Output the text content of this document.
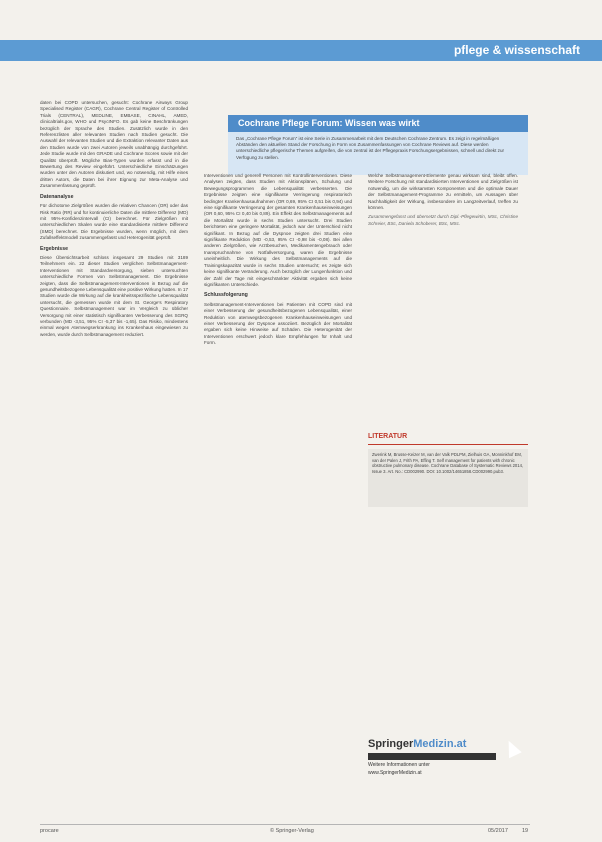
pflege & wissenschaft
Cochrane Pflege Forum: Wissen was wirkt
Das „Cochrane Pflege Forum“ ist eine Serie in Zusammenarbeit mit dem Deutschen Cochrane Zentrum. Es zeigt in regelmäßigen Abständen den aktuellen Stand der Forschung in Form von Zusammenfassungen von Cochrane Reviews auf. Diese werden unterschiedliche pflegerische Themen aufgreifen, die von zentral ist der Pflegepraxis Forschungsergebnissen, schnell und direkt zur Verfügung zu stellen.

daten bei COPD untersuchen, gesucht: Cochrane Airways Group Specialised Register (CAGR), Cochrane Central Register of Controlled Trials (CENTRAL), MEDLINE, EMBASE, CINAHL, AMED, clinicaltrials.gov, WHO und PsycINFO. Es gab keine Beschränkungen bezüglich der Sprache des Studien. Zusätzlich wurde in den Referenzlisten aller relevanten Studien nach Studien gesucht. Die Auswahl der relevanten Studien und die Extraktion relevanter Daten aus den Studien wurde von zwei Autoren jeweils unabhängig durchgeführt. Jede Studie wurde mit den GRADE und Cochrane Scores sowie mit der Qualität überprüft. Mögliche Bias-Typen wurden erfasst und in die Bewertung des Review eingeführt. Unterschiedliche Einschätzungen wurden unter den Autoren diskutiert und, wo notwendig, mit Hilfe eines dritten Autors, die Daten bei ihrer Eignung zur Meta-Analyse und Zusammenfassung geprüft.

Datenanalyse

Für dichotome Zielgrößen wurden die relativen Chancen (OR) oder das Risk Ratio (RR) und für kontinuierliche Daten die mittlere Differenz (MD) mit 95%-Konfidenzintervall (CI) berechnet. Für Zielgrößen mit unterschiedlichen Skalen wurde eine standardisierte mittlere Differenz (SMD) berechnet. Die Ergebnisse wurden, wenn möglich, mit dem Zufallseffektmodell zusammengefasst und Heterogenität geprüft.

Ergebnisse

Diese Übersichtsarbeit schloss insgesamt 29 Studien mit 3189 Teilnehmern ein. 22 dieser Studien verglichen Selbstmanagement-Interventionen mit Standardversorgung, sieben untersuchten unterschiedliche Formen von Selbstmanagement. Die Ergebnisse zeigten, dass die Selbstmanagement-Interventionen in Bezug auf die gesundheitsbezogene Lebensqualität eine positive Wirkung hatten. In 17 Studien wurde die Wirkung auf die krankheitsspezifische Lebensqualität untersucht, die gemessen wurde mit dem St. George's Respiratory Questionnaire. Selbstmanagement war im Vergleich zu üblicher Versorgung mit einer statistisch signifikanten Verbesserung des SGRQ verbunden (MD -3,51, 95% CI -5,37 bis -1,65). Das Risiko, mindestens einmal wegen Atemwegserkrankung ins Krankenhaus eingewiesen zu werden, wurde durch Selbstmanagement reduziert.

Interventionen und generell Personen mit Kontrollinterventionen. Diese Analysen zeigten, dass Studien mit Aktionsplänen, Schulung und Bewegungsprogrammen die Lebensqualität verbesserten. Die Ergebnisse zeigten eine signifikante Verringerung respiratorisch bedingter Krankenhausaufnahmen (OR 0,69, 95% CI 0,51 bis 0,94) und eine signifikante Verringerung der gesamten Krankenhauseinweisungen (OR 0,60, 95% CI 0,40 bis 0,89). Ein Effekt des Selbstmanagements auf die Mortalität wurde in sechs Studien untersucht. Drei Studien berichteten eine geringere Mortalität, jedoch war der Unterschied nicht signifikant. In Bezug auf die Dyspnoe zeigten drei Studien eine signifikante Reduktion (MD -0,53, 95% CI -0,98 bis -0,08). Bei allen anderen Zielgrößen, wie Arztbesuchen, Medikamentengebrauch oder Inanspruchnahme von Notfallversorgung, waren die Ergebnisse uneinheitlich. Die Wirkung des Selbstmanagements auf die Trainingskapazität wurde in sechs Studien untersucht; es zeigte sich keine signifikante Veränderung. Auch bezüglich der Lungenfunktion und der Zahl der Tage mit eingeschränkter Aktivität ergaben sich keine signifikanten Unterschiede.

Schlussfolgerung

Selbstmanagement-Interventionen bei Patienten mit COPD sind mit einer Verbesserung der gesundheitsbezogenen Lebensqualität, einer Reduktion von atemwegsbezogenen Krankenhauseinweisungen und einer Verbesserung der Dyspnoe assoziiert. Bezüglich der Mortalität ergaben sich keine Hinweise auf Schäden. Die Heterogenität der Interventionen erschwert jedoch klare Empfehlungen für Inhalt und Form.

Welche Selbstmanagement-Elemente genau wirksam sind, bleibt offen. Weitere Forschung mit standardisierten Interventionen und Zielgrößen ist notwendig, um die wirksamsten Komponenten und die optimale Dauer der Selbstmanagement-Programme zu ermitteln, um Aussagen über Nachhaltigkeit der Wirkung, insbesondere im Langzeitverlauf, treffen zu können.

Zusammengefasst und übersetzt durch Dipl.-Pflegewirtin, MSc, Christine Schreier, BSc, Daniela Schoberer, BSc, MSc.

LITERATUR
Zwerink M, Brusse-Keizer M, van der Valk PDLPM, Zielhuis GA, Monninkhof EM, van der Palen J, Frith PA, Effing T. Self management for patients with chronic obstructive pulmonary disease. Cochrane Database of Systematic Reviews 2014, Issue 3. Art. No.: CD002990. DOI: 10.1002/14651858.CD002990.pub3.
SpringerMedizin.at
Weitere Informationen unter
www.SpringerMedizin.at
procare	© Springer-Verlag	05/2017	19
